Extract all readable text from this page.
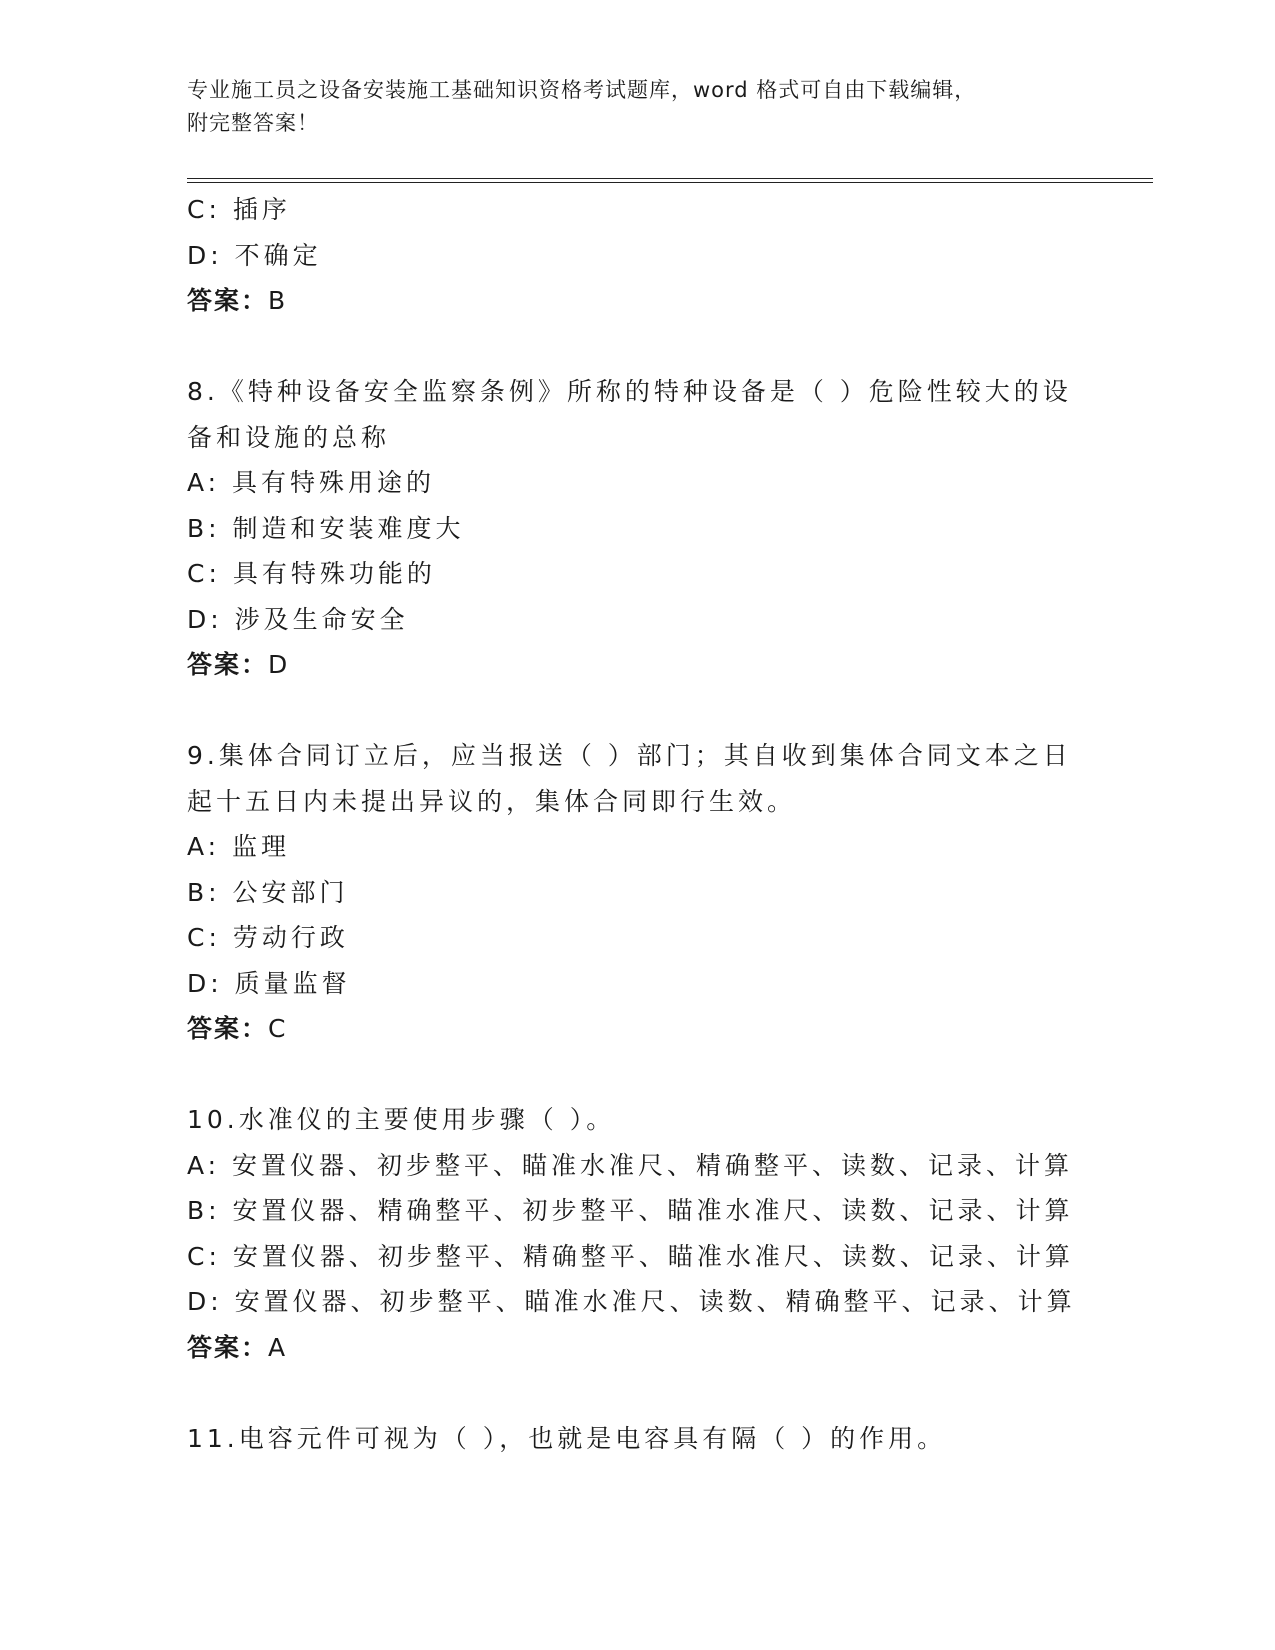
专业施工员之设备安装施工基础知识资格考试题库，word 格式可自由下载编辑，
附完整答案！
C: 插序
D: 不确定
答案：B
8.《特种设备安全监察条例》所称的特种设备是（ ）危险性较大的设
备和设施的总称
A: 具有特殊用途的
B: 制造和安装难度大
C: 具有特殊功能的
D: 涉及生命安全
答案：D
9.集体合同订立后，应当报送（ ）部门；其自收到集体合同文本之日
起十五日内未提出异议的，集体合同即行生效。
A: 监理
B: 公安部门
C: 劳动行政
D: 质量监督
答案：C
10.水准仪的主要使用步骤（ ）。
A: 安置仪器、初步整平、瞄准水准尺、精确整平、读数、记录、计算
B: 安置仪器、精确整平、初步整平、瞄准水准尺、读数、记录、计算
C: 安置仪器、初步整平、精确整平、瞄准水准尺、读数、记录、计算
D: 安置仪器、初步整平、瞄准水准尺、读数、精确整平、记录、计算
答案：A
11.电容元件可视为（ ），也就是电容具有隔（ ）的作用。
